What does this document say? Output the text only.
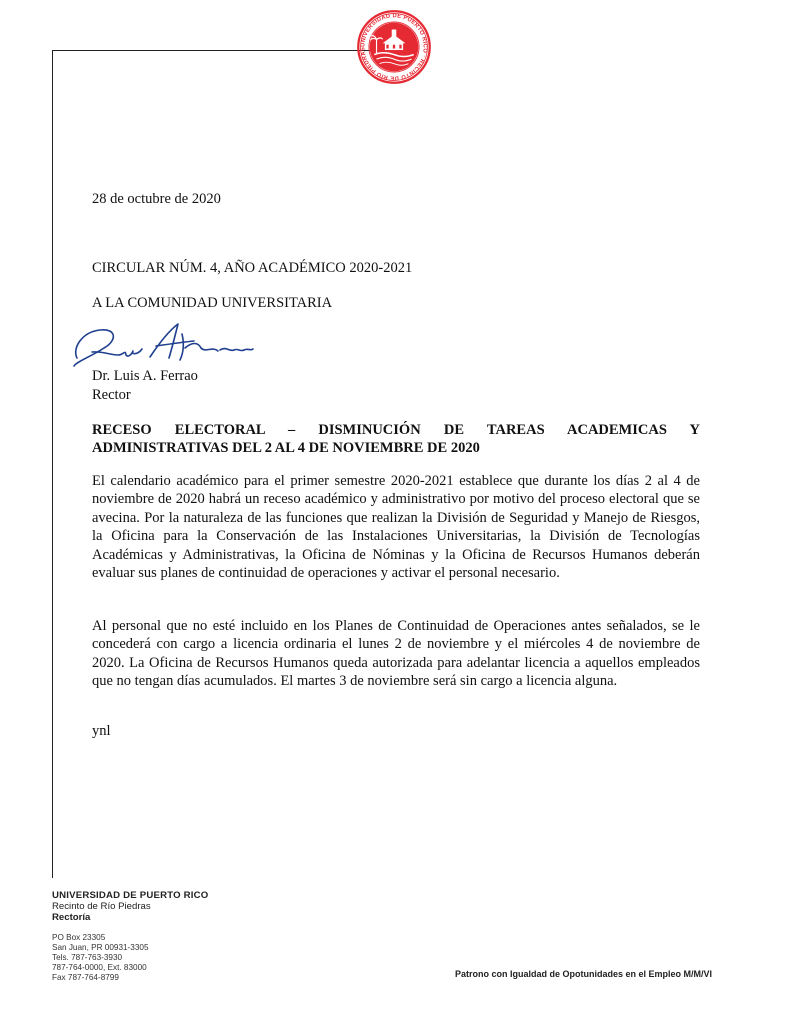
UNIVERSIDAD DE PUERTO RICO · RECINTO DE RÍO PIEDRAS
28 de octubre de 2020
CIRCULAR NÚM. 4, AÑO ACADÉMICO 2020-2021
A LA COMUNIDAD UNIVERSITARIA
Dr. Luis A. Ferrao
Rector
RECESO ELECTORAL – DISMINUCIÓN DE TAREAS ACADEMICAS Y ADMINISTRATIVAS DEL 2 AL 4 DE NOVIEMBRE DE 2020
El calendario académico para el primer semestre 2020-2021 establece que durante los días 2 al 4 de noviembre de 2020 habrá un receso académico y administrativo por motivo del proceso electoral que se avecina. Por la naturaleza de las funciones que realizan la División de Seguridad y Manejo de Riesgos, la Oficina para la Conservación de las Instalaciones Universitarias, la División de Tecnologías Académicas y Administrativas, la Oficina de Nóminas y la Oficina de Recursos Humanos deberán evaluar sus planes de continuidad de operaciones y activar el personal necesario.
Al personal que no esté incluido en los Planes de Continuidad de Operaciones antes señalados, se le concederá con cargo a licencia ordinaria el lunes 2 de noviembre y el miércoles 4 de noviembre de 2020. La Oficina de Recursos Humanos queda autorizada para adelantar licencia a aquellos empleados que no tengan días acumulados. El martes 3 de noviembre será sin cargo a licencia alguna.
ynl
UNIVERSIDAD DE PUERTO RICO
Recinto de Río Piedras
Rectoría
PO Box 23305
San Juan, PR 00931-3305
Tels. 787-763-3930
787-764-0000, Ext. 83000
Fax 787-764-8799	Patrono con Igualdad de Opotunidades en el Empleo M/M/VI
